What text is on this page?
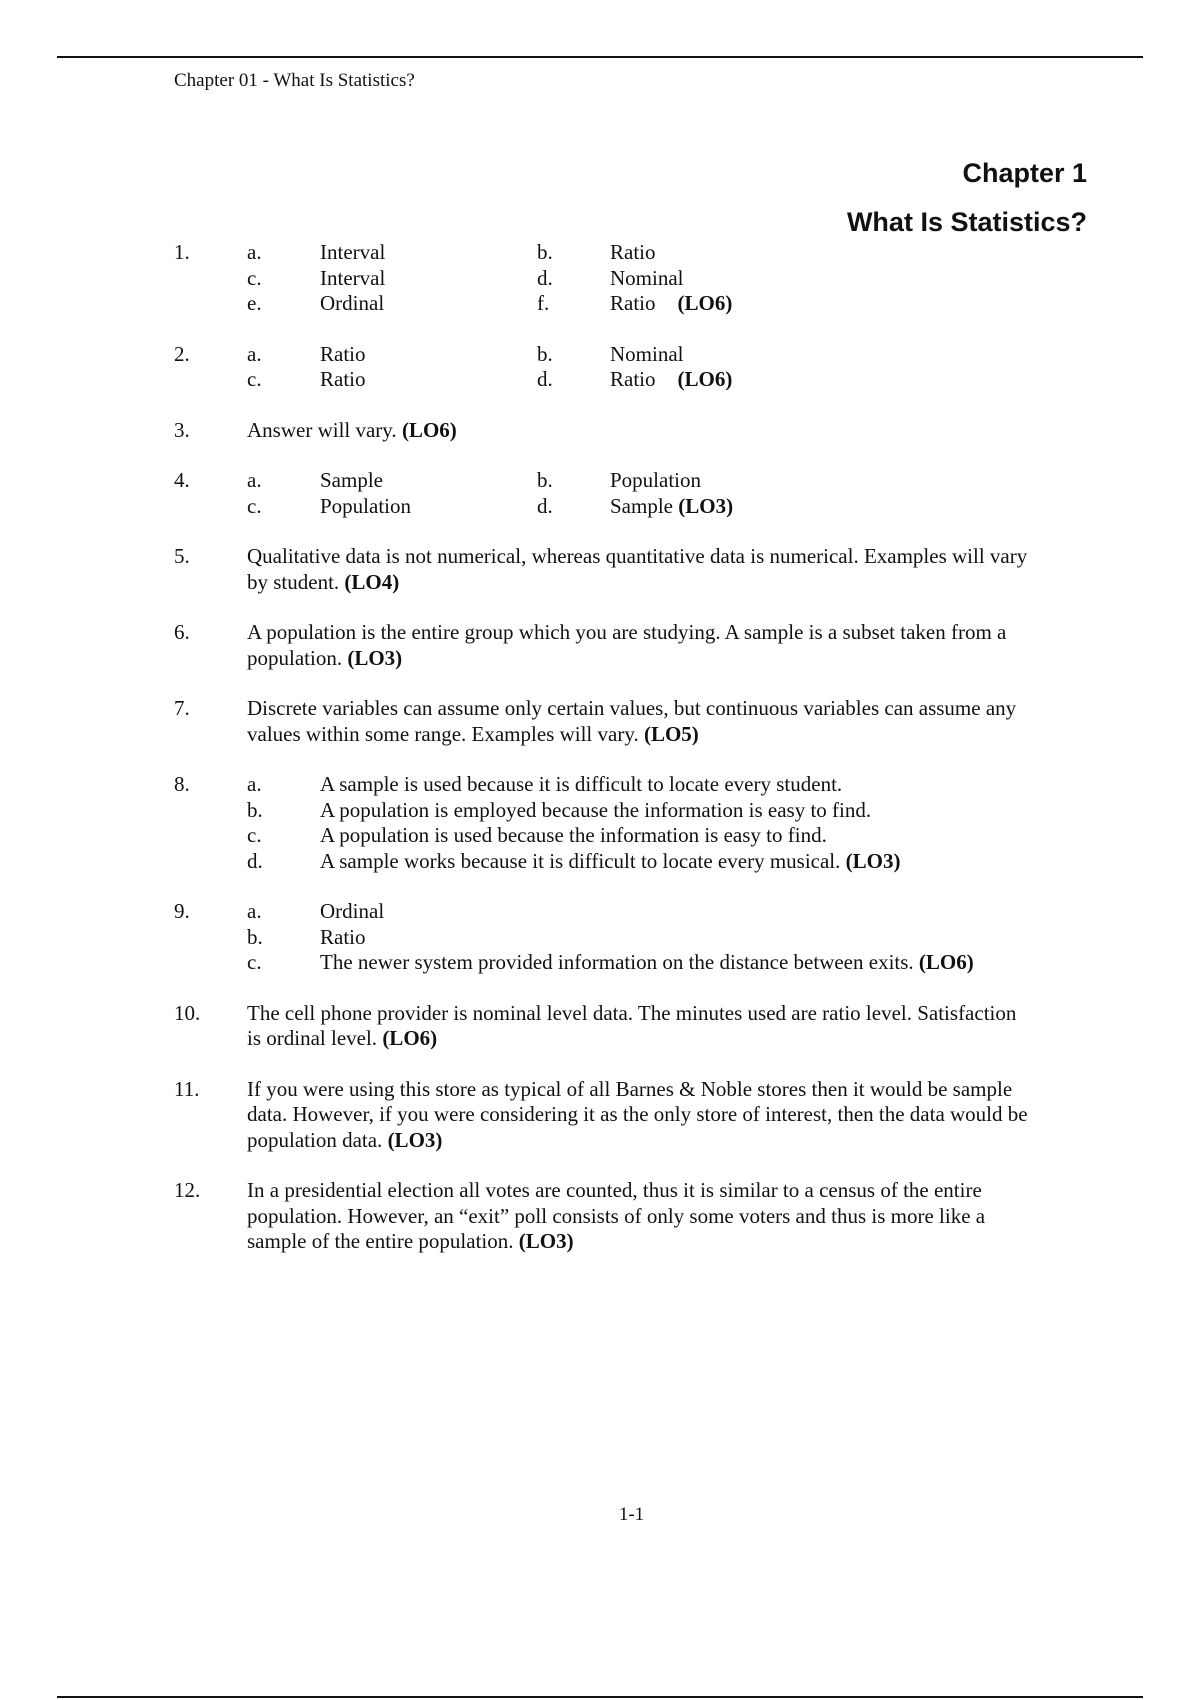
Chapter 01 - What Is Statistics?
Chapter 1
What Is Statistics?
1.	a.	Interval	b.	Ratio
c.	Interval	d.	Nominal
e.	Ordinal	f.	Ratio (LO6)
2.	a.	Ratio	b.	Nominal
c.	Ratio	d.	Ratio (LO6)
3.	Answer will vary. (LO6)
4.	a.	Sample	b.	Population
c.	Population	d.	Sample (LO3)
5.	Qualitative data is not numerical, whereas quantitative data is numerical. Examples will vary
by student. (LO4)
6.	A population is the entire group which you are studying. A sample is a subset taken from a
population. (LO3)
7.	Discrete variables can assume only certain values, but continuous variables can assume any
values within some range. Examples will vary. (LO5)
8.	a.	A sample is used because it is difficult to locate every student.
b.	A population is employed because the information is easy to find.
c.	A population is used because the information is easy to find.
d.	A sample works because it is difficult to locate every musical. (LO3)
9.	a.	Ordinal
b.	Ratio
c.	The newer system provided information on the distance between exits. (LO6)
10. The cell phone provider is nominal level data. The minutes used are ratio level. Satisfaction
is ordinal level. (LO6)
11. If you were using this store as typical of all Barnes & Noble stores then it would be sample
data. However, if you were considering it as the only store of interest, then the data would be
population data. (LO3)
12. In a presidential election all votes are counted, thus it is similar to a census of the entire
population. However, an “exit” poll consists of only some voters and thus is more like a
sample of the entire population. (LO3)
1-1
